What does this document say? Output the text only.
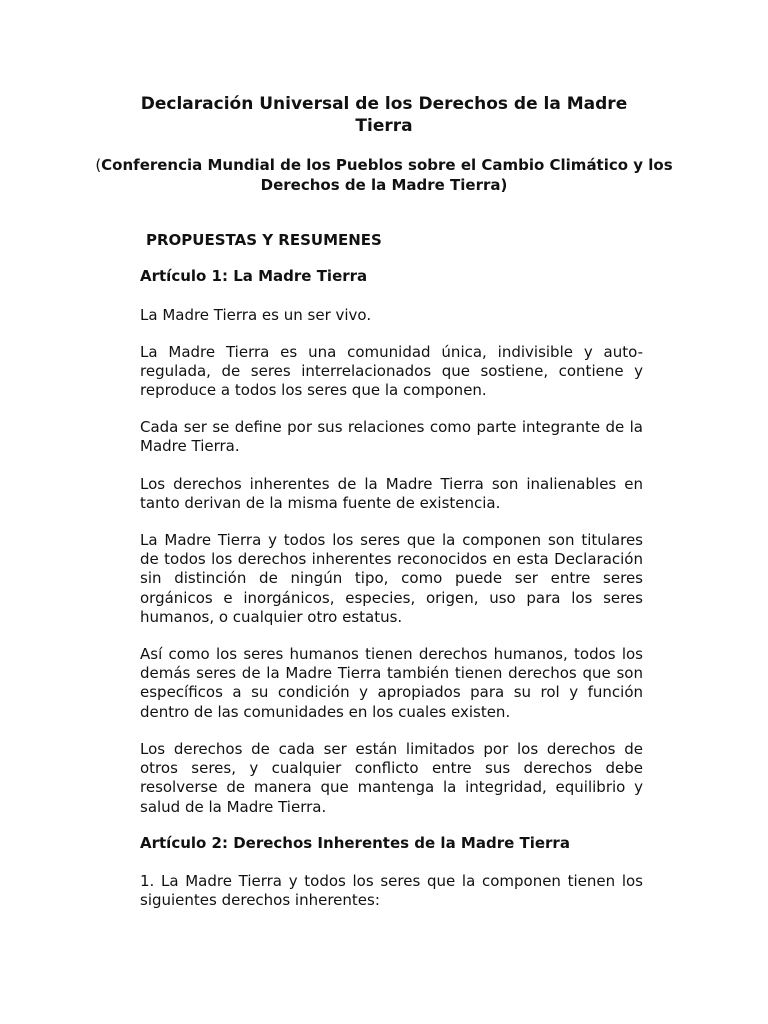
Declaración Universal de los Derechos de la Madre Tierra
(Conferencia Mundial de los Pueblos sobre el Cambio Climático y los Derechos de la Madre Tierra)
PROPUESTAS Y RESUMENES

Artículo 1: La Madre Tierra

La Madre Tierra es un ser vivo.

La Madre Tierra es una comunidad única, indivisible y auto-regulada, de seres interrelacionados que sostiene, contiene y reproduce a todos los seres que la componen.

Cada ser se define por sus relaciones como parte integrante de la Madre Tierra.

Los derechos inherentes de la Madre Tierra son inalienables en tanto derivan de la misma fuente de existencia.

La Madre Tierra y todos los seres que la componen son titulares de todos los derechos inherentes reconocidos en esta Declaración sin distinción de ningún tipo, como puede ser entre seres orgánicos e inorgánicos, especies, origen, uso para los seres humanos, o cualquier otro estatus.

Así como los seres humanos tienen derechos humanos, todos los demás seres de la Madre Tierra también tienen derechos que son específicos a su condición y apropiados para su rol y función dentro de las comunidades en los cuales existen.

Los derechos de cada ser están limitados por los derechos de otros seres, y cualquier conflicto entre sus derechos debe resolverse de manera que mantenga la integridad, equilibrio y salud de la Madre Tierra.

Artículo 2: Derechos Inherentes de la Madre Tierra

1. La Madre Tierra y todos los seres que la componen tienen los siguientes derechos inherentes:
